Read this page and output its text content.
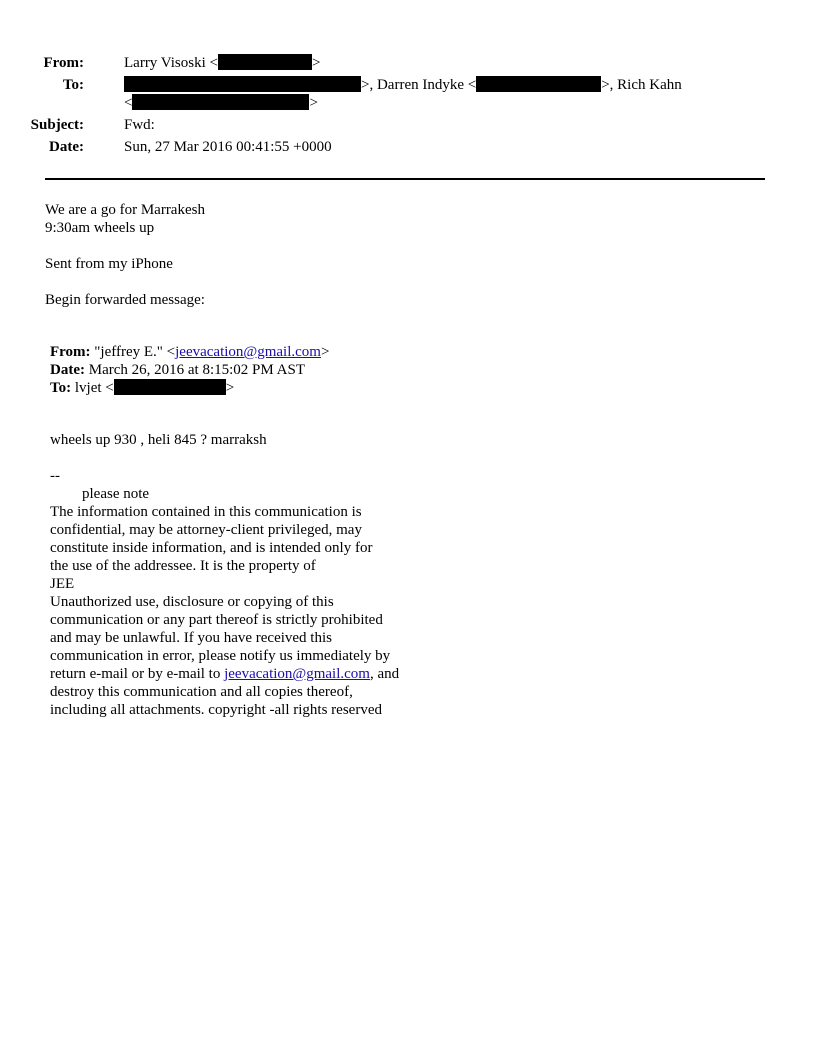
From:	Larry Visoski <	>
To:	>, Darren Indyke <	>, Rich Kahn
<	>
Subject:	Fwd:
Date:	Sun, 27 Mar 2016 00:41:55 +0000
We are a go for Marrakesh
9:30am wheels up
Sent from my iPhone
Begin forwarded message:
From: "jeffrey E." <jeevacation@gmail.com>
Date: March 26, 2016 at 8:15:02 PM AST
To: lvjet <	>
wheels up 930 , heli 845 ? marraksh
--
please note
The information contained in this communication is
confidential, may be attorney-client privileged, may
constitute inside information, and is intended only for
the use of the addressee. It is the property of
JEE
Unauthorized use, disclosure or copying of this
communication or any part thereof is strictly prohibited
and may be unlawful. If you have received this
communication in error, please notify us immediately by
return e-mail or by e-mail to jeevacation@gmail.com, and
destroy this communication and all copies thereof,
including all attachments. copyright -all rights reserved
